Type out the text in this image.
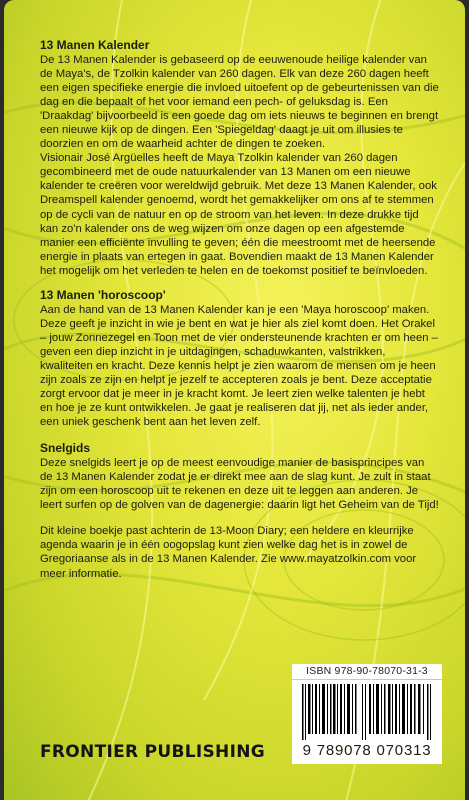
13 Manen Kalender

De 13 Manen Kalender is gebaseerd op de eeuwenoude heilige kalender van de Maya's, de Tzolkin kalender van 260 dagen. Elk van deze 260 dagen heeft een eigen specifieke energie die invloed uitoefent op de gebeurtenissen van die dag en die bepaalt of het voor iemand een pech- of geluksdag is. Een 'Draakdag' bijvoorbeeld is een goede dag om iets nieuws te beginnen en brengt een nieuwe kijk op de dingen. Een 'Spiegeldag' daagt je uit om illusies te doorzien en om de waarheid achter de dingen te zoeken.

Visionair José Argüelles heeft de Maya Tzolkin kalender van 260 dagen gecombineerd met de oude natuurkalender van 13 Manen om een nieuwe kalender te creëren voor wereldwijd gebruik. Met deze 13 Manen Kalender, ook Dreamspell kalender genoemd, wordt het gemakkelijker om ons af te stemmen op de cycli van de natuur en op de stroom van het leven. In deze drukke tijd kan zo'n kalender ons de weg wijzen om onze dagen op een afgestemde manier een efficiënte invulling te geven; één die meestroomt met de heersende energie in plaats van ertegen in gaat. Bovendien maakt de 13 Manen Kalender het mogelijk om het verleden te helen en de toekomst positief te beïnvloeden.

13 Manen 'horoscoop'

Aan de hand van de 13 Manen Kalender kan je een 'Maya horoscoop' maken. Deze geeft je inzicht in wie je bent en wat je hier als ziel komt doen. Het Orakel – jouw Zonnezegel en Toon met de vier ondersteunende krachten er om heen – geven een diep inzicht in je uitdagingen, schaduwkanten, valstrikken, kwaliteiten en kracht. Deze kennis helpt je zien waarom de mensen om je heen zijn zoals ze zijn en helpt je jezelf te accepteren zoals je bent. Deze acceptatie zorgt ervoor dat je meer in je kracht komt. Je leert zien welke talenten je hebt en hoe je ze kunt ontwikkelen. Je gaat je realiseren dat jij, net als ieder ander, een uniek geschenk bent aan het leven zelf.

Snelgids

Deze snelgids leert je op de meest eenvoudige manier de basisprincipes van de 13 Manen Kalender zodat je er direkt mee aan de slag kunt. Je zult in staat zijn om een horoscoop uit te rekenen en deze uit te leggen aan anderen. Je leert surfen op de golven van de dagenergie: daarin ligt het Geheim van de Tijd!

Dit kleine boekje past achterin de 13-Moon Diary; een heldere en kleurrijke agenda waarin je in één oogopslag kunt zien welke dag het is in zowel de Gregoriaanse als in de 13 Manen Kalender. Zie www.mayatzolkin.com voor meer informatie.

ISBN 978-90-78070-31-3
9 789078 070313
FRONTIER PUBLISHING
